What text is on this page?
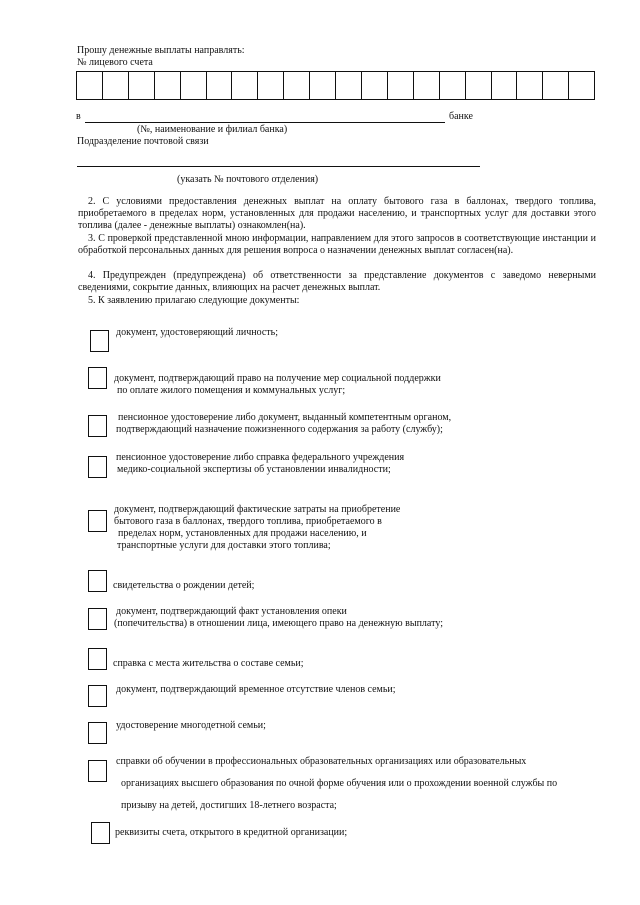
Прошу денежные выплаты направлять:
№ лицевого счета
в	банке
(№, наименование и филиал банка)
Подразделение почтовой связи
(указать № почтового отделения)
2. С условиями предоставления денежных выплат на оплату бытового газа в баллонах, твердого топлива, приобретаемого в пределах норм, установленных для продажи населению, и транспортных услуг для доставки этого топлива (далее - денежные выплаты) ознакомлен(на).
3. С проверкой представленной мною информации, направлением для этого запросов в соответствующие инстанции и обработкой персональных данных для решения вопроса о назначении денежных выплат согласен(на).
4. Предупрежден (предупреждена) об ответственности за представление документов с заведомо неверными сведениями, сокрытие данных, влияющих на расчет денежных выплат.
5. К заявлению прилагаю следующие документы:
документ, удостоверяющий личность;
документ, подтверждающий право на получение мер социальной поддержки
по оплате жилого помещения и коммунальных услуг;
пенсионное удостоверение либо документ, выданный компетентным органом,
подтверждающий назначение пожизненного содержания за работу (службу);
пенсионное удостоверение либо справка федерального учреждения
медико-социальной экспертизы об установлении инвалидности;
документ, подтверждающий фактические затраты на приобретение
бытового газа в баллонах, твердого топлива, приобретаемого в
пределах норм, установленных для продажи населению, и
транспортные услуги для доставки этого топлива;
свидетельства о рождении детей;
документ, подтверждающий факт установления опеки
(попечительства) в отношении лица, имеющего право на денежную выплату;
справка с места жительства о составе семьи;
документ, подтверждающий временное отсутствие членов семьи;
удостоверение многодетной семьи;
справки об обучении в профессиональных образовательных организациях или образовательных
организациях высшего образования по очной форме обучения или о прохождении военной службы по
призыву на детей, достигших 18-летнего возраста;
реквизиты счета, открытого в кредитной организации;
